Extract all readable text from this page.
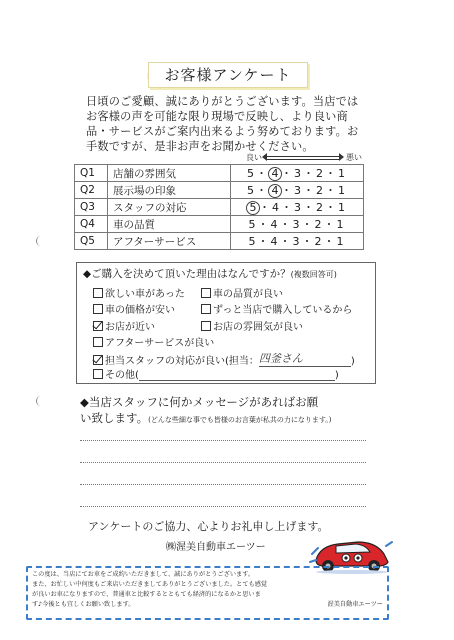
お客様アンケート
日頃のご愛顧、誠にありがとうございます。当店では
お客様の声を可能な限り現場で反映し、より良い商
品・サービスがご案内出来るよう努めております。お
手数ですが、是非お声をお聞かせください。
良い	悪い
Q1	店舗の雰囲気	5・ 4 ・3・2・1
Q2	展示場の印象	5・ 4 ・3・2・1
Q3	スタッフの対応	5 ・4・3・2・1
Q4	車の品質	5・4・3・2・1
Q5	アフターサービス	5・4・3・2・1
◆ご購入を決めて頂いた理由はなんですか？(複数回答可)
欲しい車があった	車の品質が良い
車の価格が安い	ずっと当店で購入しているから
お店が近い	お店の雰囲気が良い
アフターサービスが良い
担当スタッフの対応が良い(担当：四釜さん	)
その他(	)
◆当店スタッフに何かメッセージがあればお願
い致します。(どんな些細な事でも皆様のお言葉が私共の力になります。)
アンケートのご協力、心よりお礼申し上げます。
㈱渥美自動車エーツー
この度は、当店にてお車をご成約いただきまして、誠にありがとうございます。
また、お忙しい中何度もご来店いただきましてありがとうございました。とても感覚
が良いお車になりますので、普通車と比較するとともても経済的になるかと思いま
す♪今後とも宜しくお願い致します。	渥美自動車エーツー
